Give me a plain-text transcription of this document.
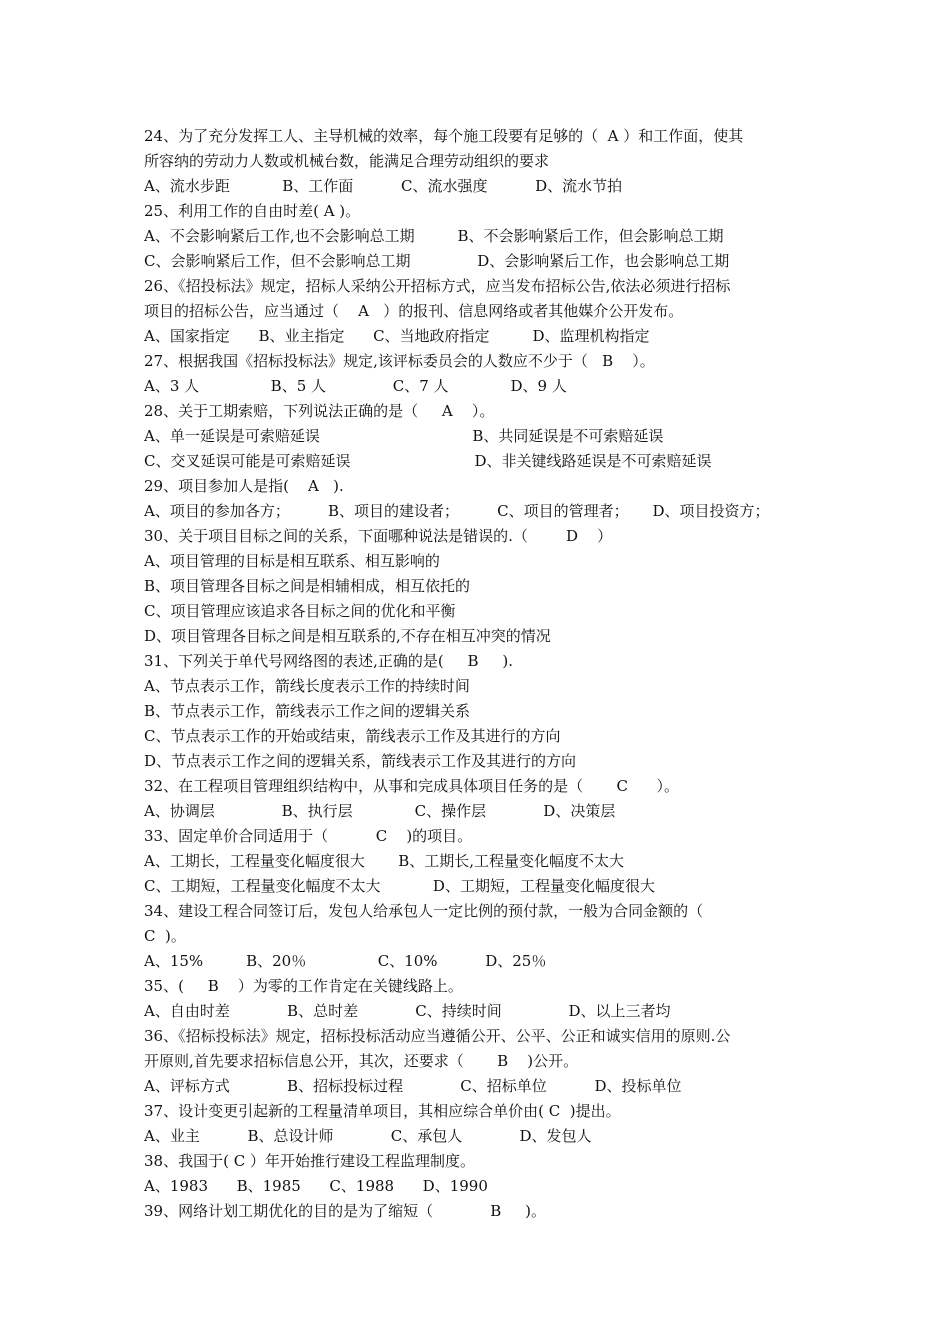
24、为了充分发挥工人、主导机械的效率，每个施工段要有足够的（  A ）和工作面，使其
所容纳的劳动力人数或机械台数，能满足合理劳动组织的要求
A、流水步距           B、工作面          C、流水强度          D、流水节拍
25、利用工作的自由时差( A )。
A、不会影响紧后工作,也不会影响总工期         B、不会影响紧后工作，但会影响总工期
C、会影响紧后工作，但不会影响总工期              D、会影响紧后工作，也会影响总工期
26、《招投标法》规定，招标人采纳公开招标方式，应当发布招标公告,依法必须进行招标
项目的招标公告，应当通过（    A   ）的报刊、信息网络或者其他媒介公开发布。
A、国家指定      B、业主指定      C、当地政府指定         D、监理机构指定
27、根据我国《招标投标法》规定,该评标委员会的人数应不少于（   B    ）。
A、3 人               B、5 人              C、7 人             D、9 人
28、关于工期索赔，下列说法正确的是（     A    ）。
A、单一延误是可索赔延误                                B、共同延误是不可索赔延误
C、交叉延误可能是可索赔延误                          D、非关键线路延误是不可索赔延误
29、项目参加人是指(    A   ).
A、项目的参加各方；        B、项目的建设者；        C、项目的管理者；     D、项目投资方；
30、关于项目目标之间的关系，下面哪种说法是错误的.（        D    ）
A、项目管理的目标是相互联系、相互影响的
B、项目管理各目标之间是相辅相成，相互依托的
C、项目管理应该追求各目标之间的优化和平衡
D、项目管理各目标之间是相互联系的,不存在相互冲突的情况
31、下列关于单代号网络图的表述,正确的是(     B     ).
A、节点表示工作，箭线长度表示工作的持续时间
B、节点表示工作，箭线表示工作之间的逻辑关系
C、节点表示工作的开始或结束，箭线表示工作及其进行的方向
D、节点表示工作之间的逻辑关系，箭线表示工作及其进行的方向
32、在工程项目管理组织结构中，从事和完成具体项目任务的是（       C      ）。
A、协调层              B、执行层             C、操作层            D、决策层
33、固定单价合同适用于（          C    )的项目。
A、工期长，工程量变化幅度很大       B、工期长,工程量变化幅度不太大
C、工期短，工程量变化幅度不太大           D、工期短，工程量变化幅度很大
34、建设工程合同签订后，发包人给承包人一定比例的预付款，一般为合同金额的（
C  )。
A、15%         B、20％               C、10%          D、25％
35、(     B    ）为零的工作肯定在关键线路上。
A、自由时差            B、总时差            C、持续时间              D、以上三者均
36、《招标投标法》规定，招标投标活动应当遵循公开、公平、公正和诚实信用的原则.公
开原则,首先要求招标信息公开，其次，还要求（       B    )公开。
A、评标方式            B、招标投标过程            C、招标单位          D、投标单位
37、设计变更引起新的工程量清单项目，其相应综合单价由( C  )提出。
A、业主          B、总设计师            C、承包人            D、发包人
38、我国于( C ）年开始推行建设工程监理制度。
A、1983      B、1985      C、1988      D、1990
39、网络计划工期优化的目的是为了缩短（            B     )。
